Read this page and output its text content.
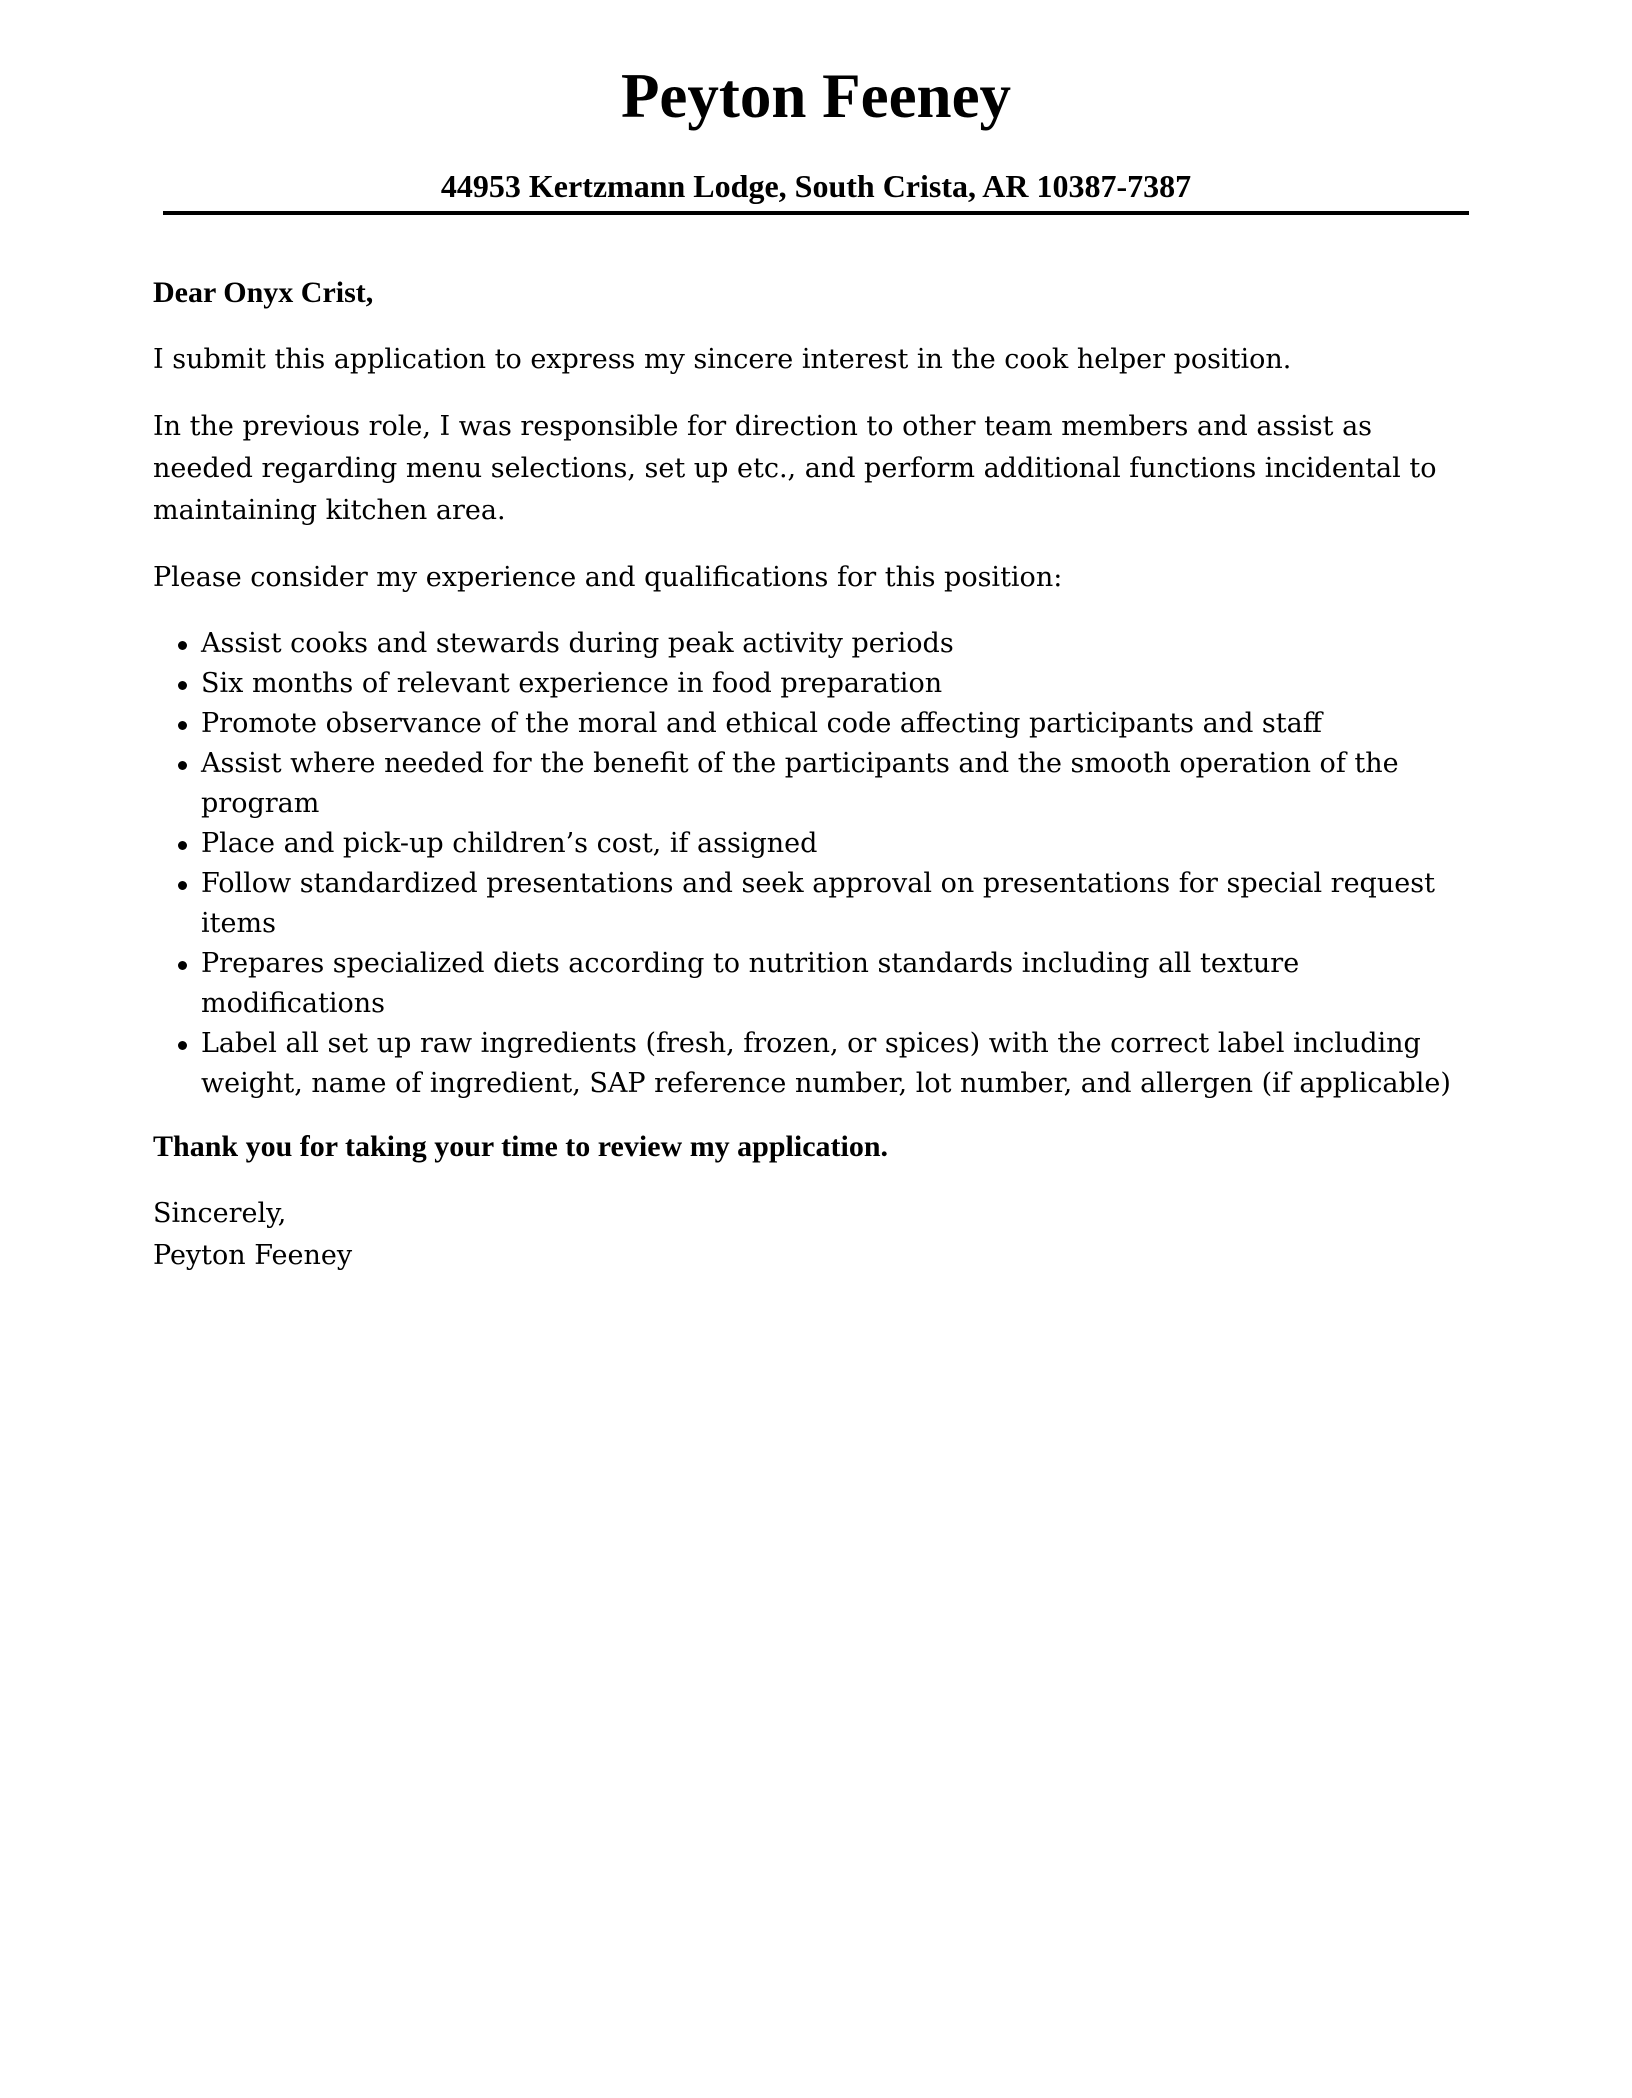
Peyton Feeney
44953 Kertzmann Lodge, South Crista, AR 10387-7387

Dear Onyx Crist,

I submit this application to express my sincere interest in the cook helper position.

In the previous role, I was responsible for direction to other team members and assist as needed regarding menu selections, set up etc., and perform additional functions incidental to maintaining kitchen area.

Please consider my experience and qualifications for this position:

Assist cooks and stewards during peak activity periods
Six months of relevant experience in food preparation
Promote observance of the moral and ethical code affecting participants and staff
Assist where needed for the benefit of the participants and the smooth operation of the program
Place and pick-up children’s cost, if assigned
Follow standardized presentations and seek approval on presentations for special request items
Prepares specialized diets according to nutrition standards including all texture modifications
Label all set up raw ingredients (fresh, frozen, or spices) with the correct label including weight, name of ingredient, SAP reference number, lot number, and allergen (if applicable)

Thank you for taking your time to review my application.

Sincerely,

Peyton Feeney
